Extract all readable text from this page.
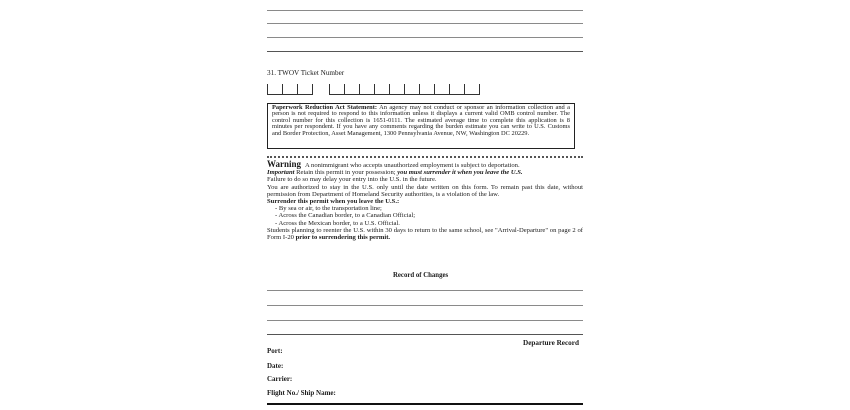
31. TWOV Ticket Number
Paperwork Reduction Act Statement: An agency may not conduct or sponsor an information collection and a person is not required to respond to this information unless it displays a current valid OMB control number. The control number for this collection is 1651-0111. The estimated average time to complete this application is 8 minutes per respondent. If you have any comments regarding the burden estimate you can write to U.S. Customs and Border Protection, Asset Management, 1300 Pennsylvania Avenue, NW, Washington DC 20229.

Warning A nonimmigrant who accepts unauthorized employment is subject to deportation.

Important Retain this permit in your possession; you must surrender it when you leave the U.S.

Failure to do so may delay your entry into the U.S. in the future.

You are authorized to stay in the U.S. only until the date written on this form. To remain past this date, without permission from Department of Homeland Security authorities, is a violation of the law.

Surrender this permit when you leave the U.S.:

- By sea or air, to the transportation line;

- Across the Canadian border, to a Canadian Official;

- Across the Mexican border, to a U.S. Official.

Students planning to reenter the U.S. within 30 days to return to the same school, see "Arrival-Departure" on page 2 of Form I-20 prior to surrendering this permit.

Record of Changes
Departure Record
Port:
Date:
Carrier:
Flight No./ Ship Name:
